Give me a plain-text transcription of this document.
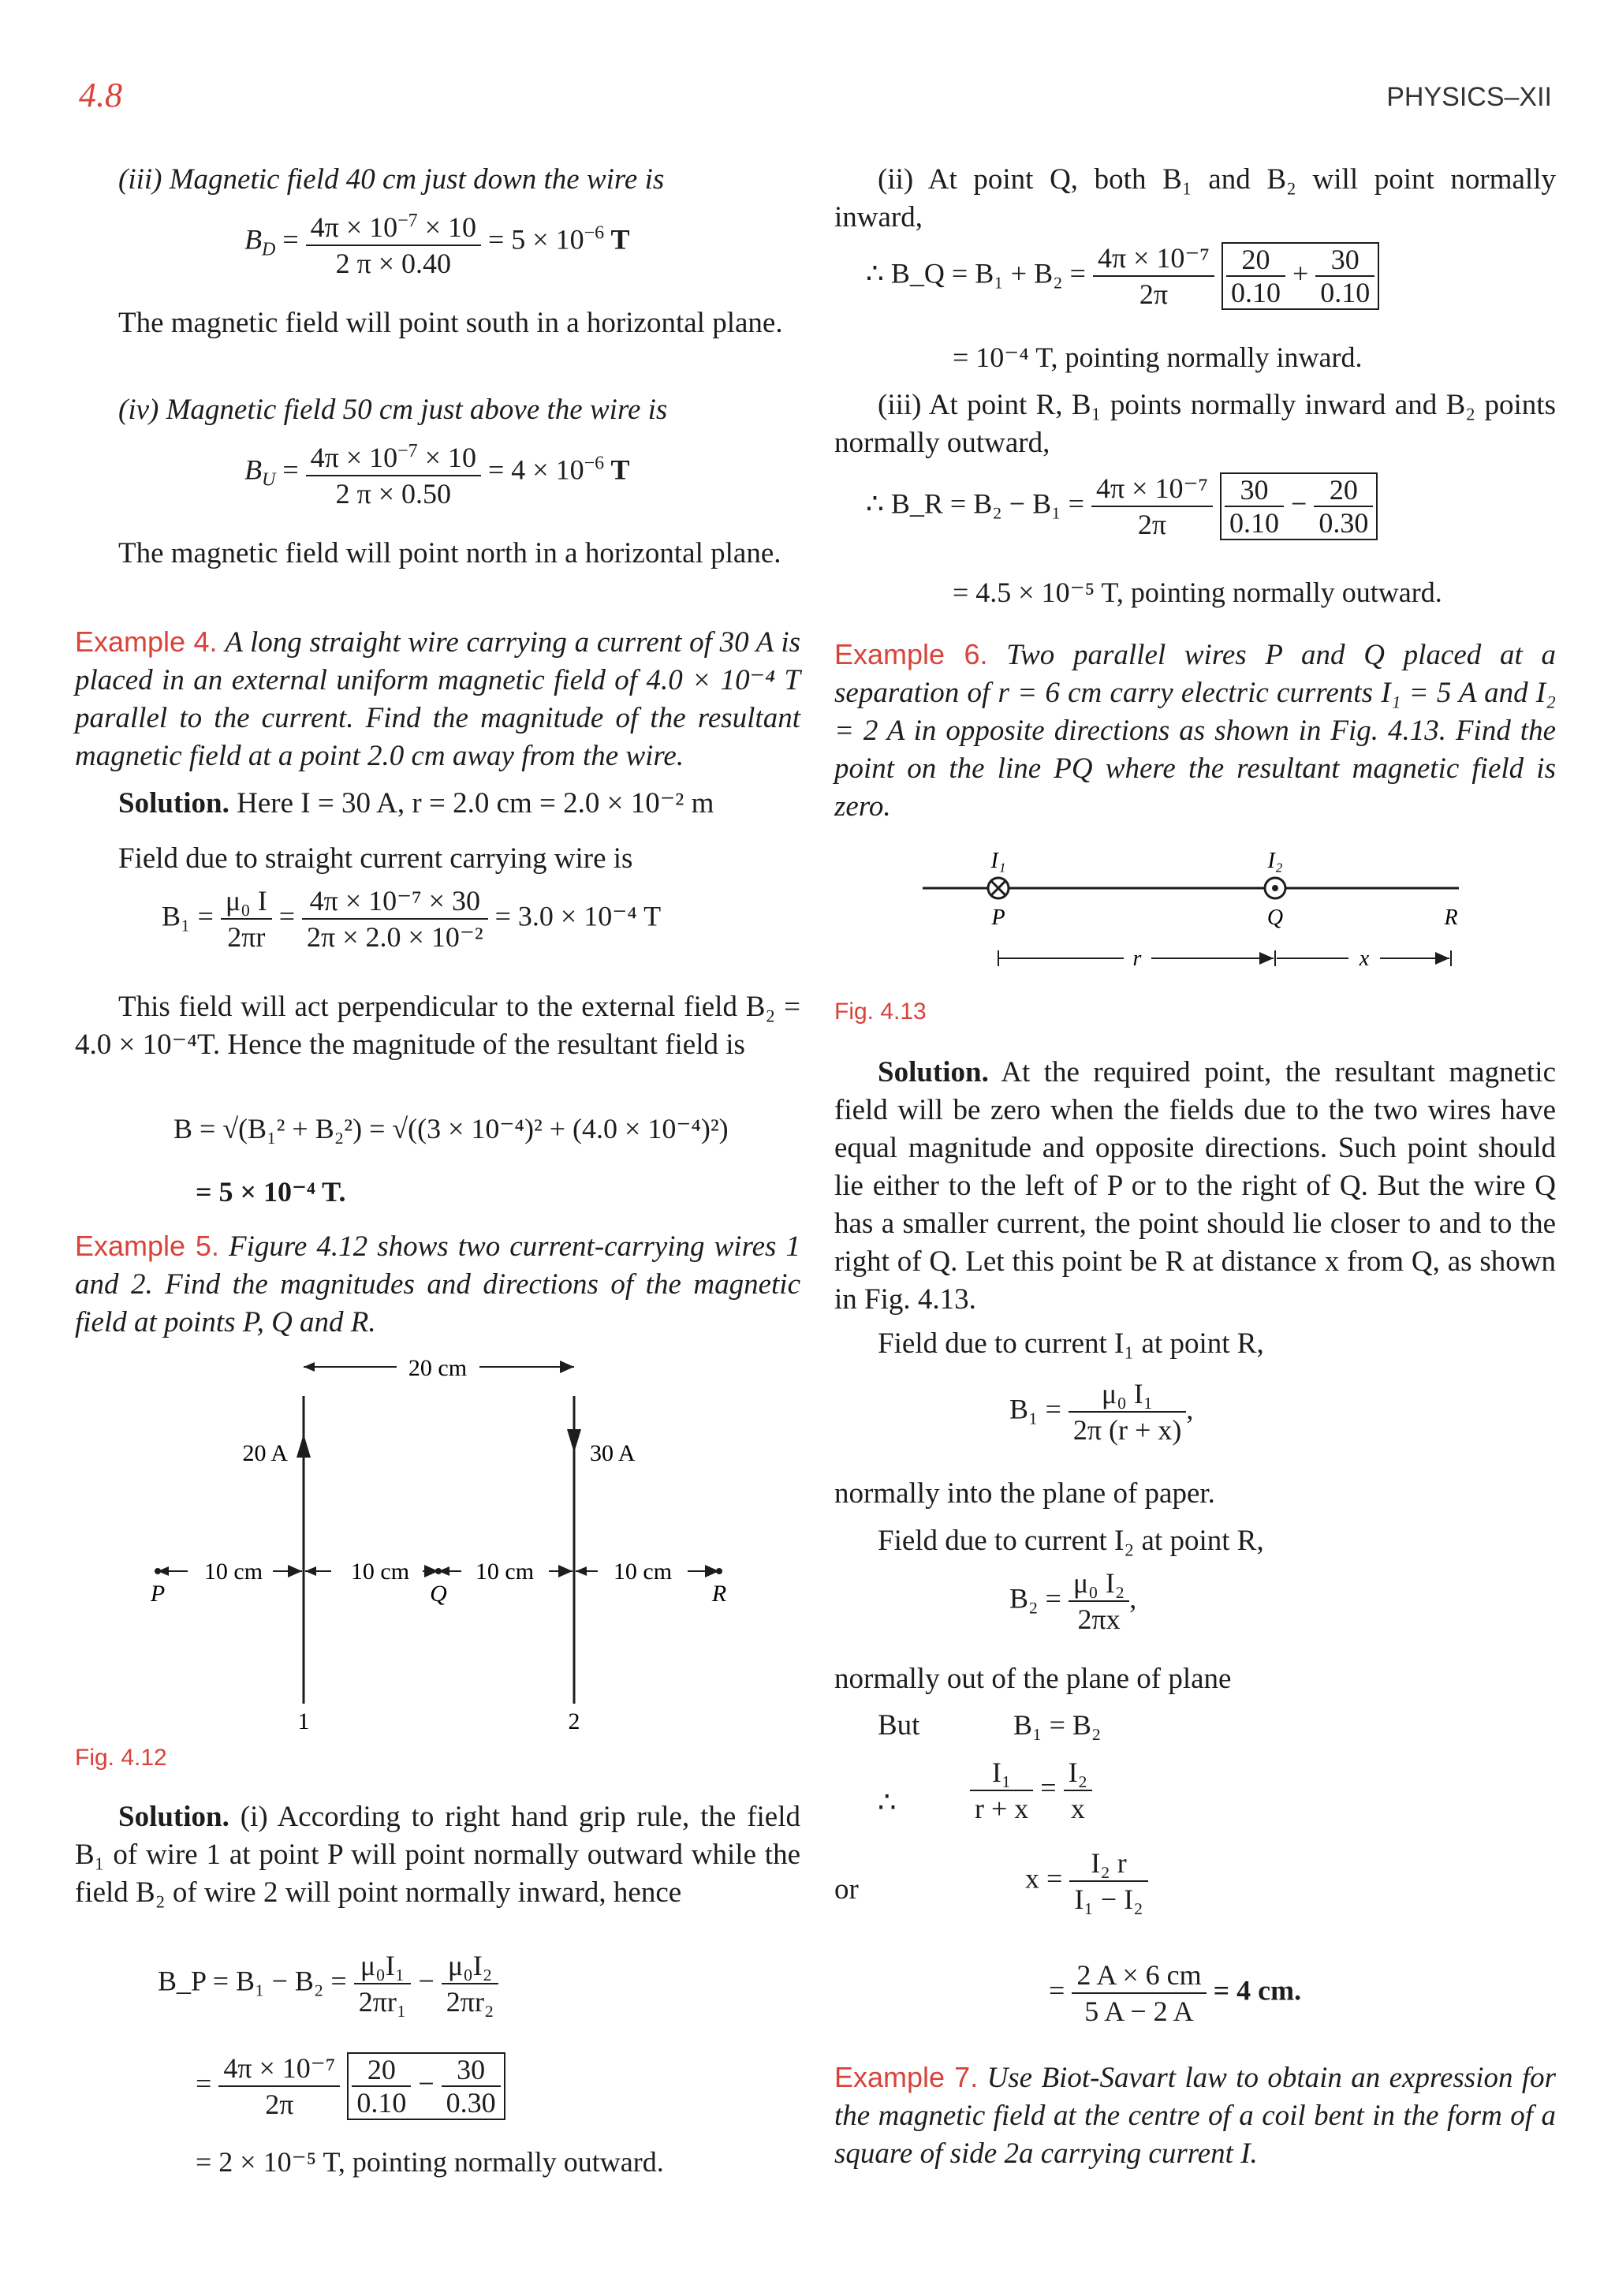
4.8	PHYSICS–XII
(iii) Magnetic field 40 cm just down the wire is
$B_D = \frac{4\pi \times 10^{-7} \times 10}{2 \pi \times 0.40} = 5 \times 10^{-6}$ T
The magnetic field will point south in a horizontal plane.
(iv) Magnetic field 50 cm just above the wire is
$B_U = \frac{4\pi \times 10^{-7} \times 10}{2 \pi \times 0.50} = 4 \times 10^{-6}$ T
The magnetic field will point north in a horizontal plane.
Example 4. A long straight wire carrying a current of 30 A is placed in an external uniform magnetic field of 4.0 × 10⁻⁴ T parallel to the current. Find the magnitude of the resultant magnetic field at a point 2.0 cm away from the wire.
Solution. Here I = 30 A, r = 2.0 cm = 2.0 × 10⁻² m
Field due to straight current carrying wire is
$B_1 = \frac{\text{μ₀ I}}{2\pi r} = \frac{\text{4π × 10⁻⁷ × 30}}{\text{2π × 2.0 × 10⁻²}} = 3.0 \times 10^{-4}$ T
This field will act perpendicular to the external field B₂ = 4.0 × 10⁻⁴T. Hence the magnitude of the resultant field is
B = √(B₁² + B₂²) = √((3 × 10⁻⁴)² + (4.0 × 10⁻⁴)²)
= 5 × 10⁻⁴ T.
Example 5. Figure 4.12 shows two current-carrying wires 1 and 2. Find the magnitudes and directions of the magnetic field at points P, Q and R.
20 cm
20 A	30 A
10 cm	10 cm	10 cm	10 cm
P	Q	R
1	2
Fig. 4.12
Solution. (i) According to right hand grip rule, the field B₁ of wire 1 at point P will point normally outward while the field B₂ of wire 2 will point normally inward, hence
B_P = $B_1 - B_2 = \frac{\text{μ₀I₁}}{\text{2πr₁}} - \frac{\text{μ₀I₂}}{\text{2πr₂}}$
= $\frac{\text{4π × 10⁻⁷}}{2\pi}$
$\frac{20}{0.10} - \frac{30}{0.30}$
= 2 × 10⁻⁵ T, pointing normally outward.
(ii) At point Q, both B₁ and B₂ will point normally inward,
∴ B_Q = $B_1 + B_2 = \frac{\text{4π × 10⁻⁷}}{2\pi}$
$\frac{20}{0.10} + \frac{30}{0.10}$
= 10⁻⁴ T, pointing normally inward.
(iii) At point R, B₁ points normally inward and B₂ points normally outward,
∴ B_R = $B_2 - B_1 = \frac{\text{4π × 10⁻⁷}}{2\pi}$
$\frac{30}{0.10} - \frac{20}{0.30}$
= 4.5 × 10⁻⁵ T, pointing normally outward.
Example 6. Two parallel wires P and Q placed at a separation of r = 6 cm carry electric currents I₁ = 5 A and I₂ = 2 A in opposite directions as shown in Fig. 4.13. Find the point on the line PQ where the resultant magnetic field is zero.
I₁	I₂
P	Q	R
r	x
Fig. 4.13
Solution. At the required point, the resultant magnetic field will be zero when the fields due to the two wires have equal magnitude and opposite directions. Such point should lie either to the left of P or to the right of Q. But the wire Q has a smaller current, the point should lie closer to and to the right of Q. Let this point be R at distance x from Q, as shown in Fig. 4.13.
Field due to current I₁ at point R,
$B_1 = \frac{\text{μ₀ I₁}}{2\pi (r + x)}$ ,
normally into the plane of paper.
Field due to current I₂ at point R,
$B_2 = \frac{\text{μ₀ I₂}}{2\pi x}$ ,
normally out of the plane of plane
But	B₁ = B₂
∴	$\frac{\text{I₁}}{r + x} = \frac{\text{I₂}}{x}$
or	$x = \frac{\text{I₂ r}}{\text{I₁ − I₂}}$
= $\frac{2 A \times 6 cm}{5 A - 2 A} = 4$ cm.
Example 7. Use Biot-Savart law to obtain an expression for the magnetic field at the centre of a coil bent in the form of a square of side 2a carrying current I.
